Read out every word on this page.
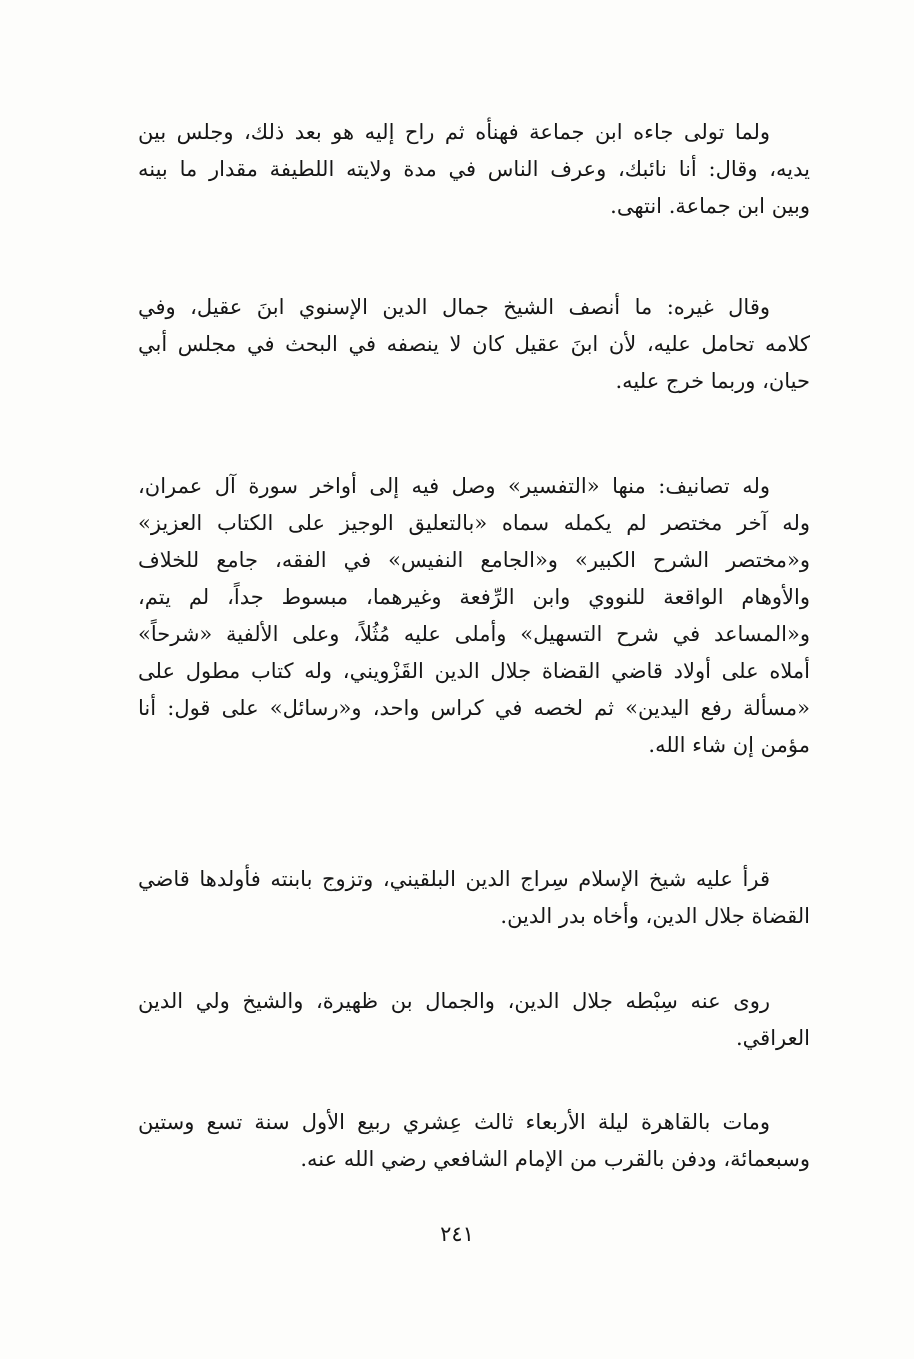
ولما تولى جاءه ابن جماعة فهنأه ثم راح إليه هو بعد ذلك، وجلس بين
يديه، وقال: أنا نائبك، وعرف الناس في مدة ولايته اللطيفة مقدار ما بينه
وبين ابن جماعة. انتهى.
وقال غيره: ما أنصف الشيخ جمال الدين الإسنوي ابنَ عقيل، وفي
كلامه تحامل عليه، لأن ابنَ عقيل كان لا ينصفه في البحث في مجلس أبي
حيان، وربما خرج عليه.
وله تصانيف: منها «التفسير» وصل فيه إلى أواخر سورة آل عمران،
وله آخر مختصر لم يكمله سماه «بالتعليق الوجيز على الكتاب العزيز»
و«مختصر الشرح الكبير» و«الجامع النفيس» في الفقه، جامع للخلاف
والأوهام الواقعة للنووي وابن الرِّفعة وغيرهما، مبسوط جداً، لم يتم،
و«المساعد في شرح التسهيل» وأملى عليه مُثُلاً، وعلى الألفية «شرحاً»
أملاه على أولاد قاضي القضاة جلال الدين القَزْويني، وله كتاب مطول على
«مسألة رفع اليدين» ثم لخصه في كراس واحد، و«رسائل» على قول: أنا
مؤمن إن شاء الله.
قرأ عليه شيخ الإسلام سِراج الدين البلقيني، وتزوج بابنته فأولدها قاضي
القضاة جلال الدين، وأخاه بدر الدين.
روى عنه سِبْطه جلال الدين، والجمال بن ظهيرة، والشيخ ولي الدين
العراقي.
ومات بالقاهرة ليلة الأربعاء ثالث عِشري ربيع الأول سنة تسع وستين
وسبعمائة، ودفن بالقرب من الإمام الشافعي رضي الله عنه.
٢٤١
